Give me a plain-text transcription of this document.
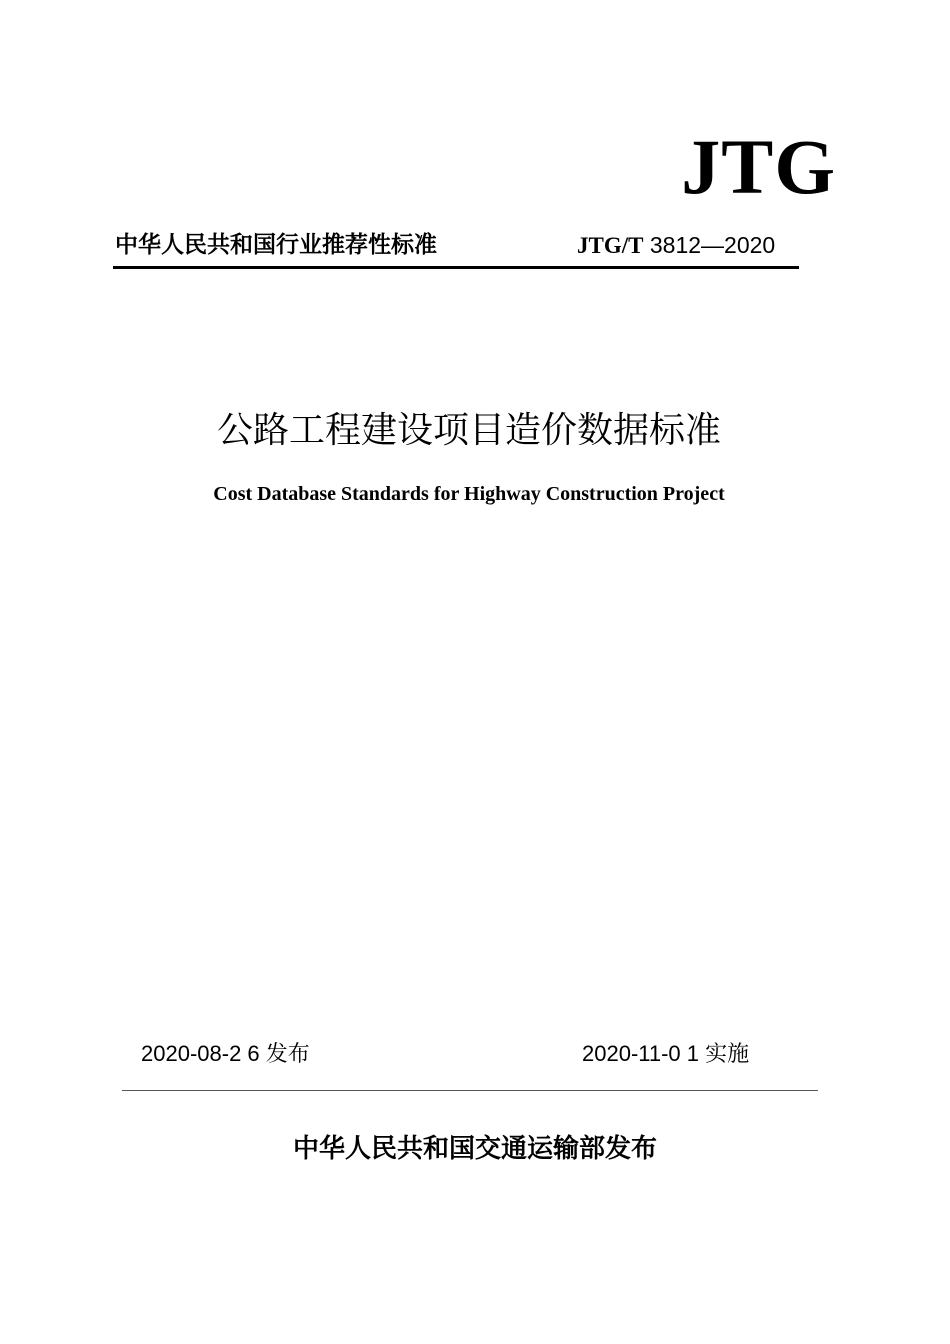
JTG
中华人民共和国行业推荐性标准	JTG/T 3812—2020
公路工程建设项目造价数据标准
Cost Database Standards for Highway Construction Project
2020-08-2 6 发布	2020-11-0 1 实施
中华人民共和国交通运输部发布
